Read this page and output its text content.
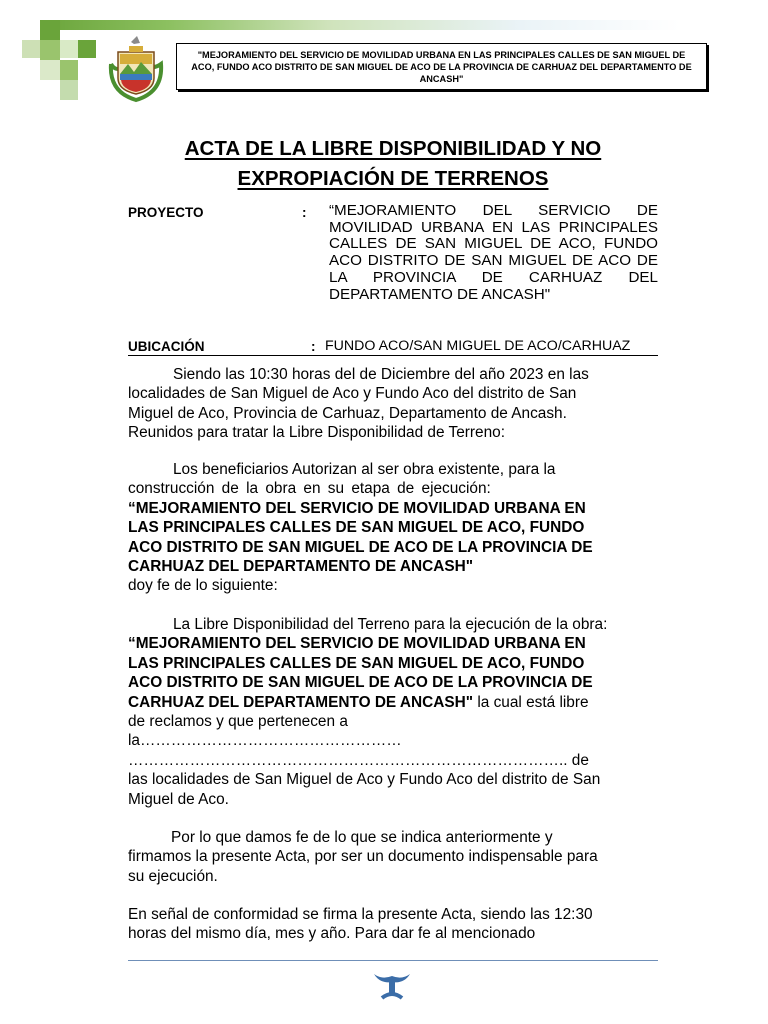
"MEJORAMIENTO DEL SERVICIO DE MOVILIDAD URBANA EN LAS PRINCIPALES CALLES DE SAN MIGUEL DE ACO, FUNDO ACO DISTRITO DE SAN MIGUEL DE ACO DE LA PROVINCIA DE CARHUAZ DEL DEPARTAMENTO DE ANCASH"
ACTA DE LA LIBRE DISPONIBILIDAD Y NO
EXPROPIACIÓN DE TERRENOS
PROYECTO	: “MEJORAMIENTO DEL SERVICIO DE MOVILIDAD URBANA EN LAS PRINCIPALES CALLES DE SAN MIGUEL DE ACO, FUNDO ACO DISTRITO DE SAN MIGUEL DE ACO DE LA PROVINCIA DE CARHUAZ DEL DEPARTAMENTO DE ANCASH"
UBICACIÓN	: FUNDO ACO/SAN MIGUEL DE ACO/CARHUAZ
Siendo las 10:30 horas del de Diciembre del año 2023 en las
localidades de San Miguel de Aco y Fundo Aco del distrito de San
Miguel de Aco, Provincia de Carhuaz, Departamento de Ancash.
Reunidos para tratar la Libre Disponibilidad de Terreno:
Los beneficiarios Autorizan al ser obra existente, para la
construcción de la obra en su etapa de ejecución:
“MEJORAMIENTO DEL SERVICIO DE MOVILIDAD URBANA EN
LAS PRINCIPALES CALLES DE SAN MIGUEL DE ACO, FUNDO
ACO DISTRITO DE SAN MIGUEL DE ACO DE LA PROVINCIA DE
CARHUAZ DEL DEPARTAMENTO DE ANCASH"
doy fe de lo siguiente:
La Libre Disponibilidad del Terreno para la ejecución de la obra:
“MEJORAMIENTO DEL SERVICIO DE MOVILIDAD URBANA EN
LAS PRINCIPALES CALLES DE SAN MIGUEL DE ACO, FUNDO
ACO DISTRITO DE SAN MIGUEL DE ACO DE LA PROVINCIA DE
CARHUAZ DEL DEPARTAMENTO DE ANCASH" la cual está libre
de reclamos y que pertenecen a
la……………………………………………
………………………………………………………………………….. de
las localidades de San Miguel de Aco y Fundo Aco del distrito de San
Miguel de Aco.
Por lo que damos fe de lo que se indica anteriormente y
firmamos la presente Acta, por ser un documento indispensable para
su ejecución.
En señal de conformidad se firma la presente Acta, siendo las 12:30
horas del mismo día, mes y año. Para dar fe al mencionado
